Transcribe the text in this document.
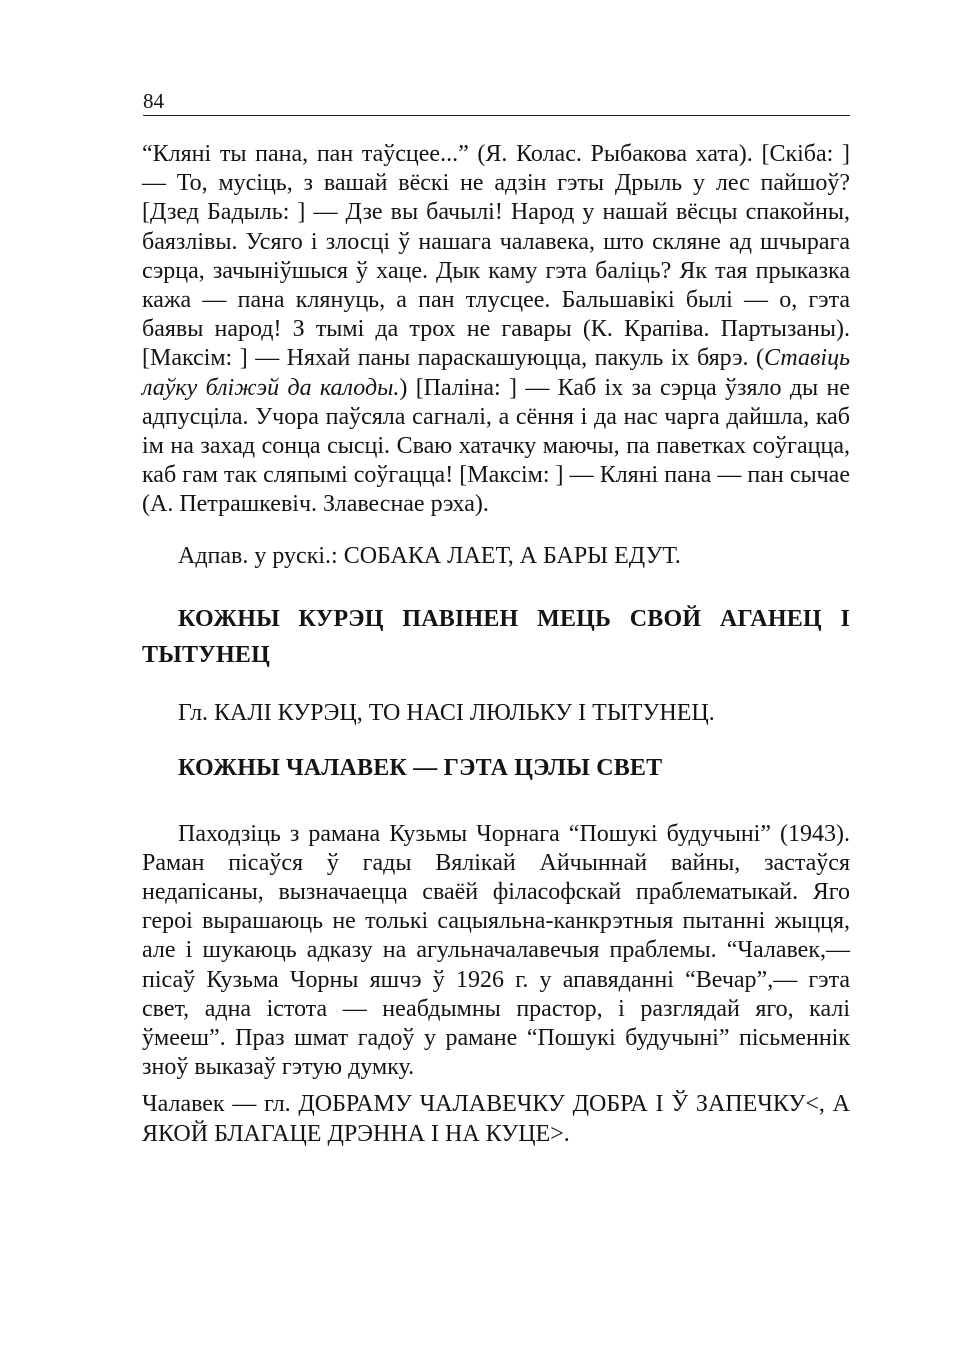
84

“Кляні ты пана, пан таўсцее...” (Я. Колас. Рыбакова хата). [Скіба: ] — То, мусіць, з вашай вёскі не адзін гэты Дрыль у лес пайшоў? [Дзед Бадыль: ] — Дзе вы бачылі! Народ у нашай вёсцы спакойны, баязлівы. Усяго і злосці ў нашага чалавека, што скляне ад шчырага сэрца, зачыніўшыся ў хаце. Дык каму гэта баліць? Як тая прыказка кажа — пана клянуць, а пан тлусцее. Бальшавікі былі — о, гэта баявы народ! З тымі да трох не гавары (К. Крапіва. Партызаны). [Максім: ] — Няхай паны параскашуюцца, пакуль іх бярэ. (Ставіць лаўку бліжэй да калоды.) [Паліна: ] — Каб іх за сэрца ўзяло ды не адпусціла. Учора паўсяла сагналі, а сёння і да нас чарга дайшла, каб ім на захад сонца сысці. Сваю хатачку маючы, па паветках соўгацца, каб гам так сляпымі соўгацца! [Максім: ] — Кляні пана — пан сычае (А. Петрашкевіч. Злавеснае рэха).

Адпав. у рускі.: СОБАКА ЛАЕТ, А БАРЫ ЕДУТ.

КОЖНЫ КУРЭЦ ПАВІНЕН МЕЦЬ СВОЙ АГАНЕЦ І ТЫТУНЕЦ

Гл. КАЛІ КУРЭЦ, ТО НАСІ ЛЮЛЬКУ І ТЫТУНЕЦ.

КОЖНЫ ЧАЛАВЕК — ГЭТА ЦЭЛЫ СВЕТ

Паходзіць з рамана Кузьмы Чорнага “Пошукі будучыні” (1943). Раман пісаўся ў гады Вялікай Айчыннай вайны, застаўся недапісаны, вызначаецца сваёй філасофскай праблематыкай. Яго героі вырашаюць не толькі сацыяльна-канкрэтныя пытанні жыцця, але і шукаюць адказу на агульначалавечыя праблемы. “Чалавек,— пісаў Кузьма Чорны яшчэ ў 1926 г. у апавяданні “Вечар”,— гэта свет, адна істота — неабдымны прастор, і разглядай яго, калі ўмееш”. Праз шмат гадоў у рамане “Пошукі будучыні” пісьменнік зноў выказаў гэтую думку.

Чалавек — гл. ДОБРАМУ ЧАЛАВЕЧКУ ДОБРА І Ў ЗАПЕЧКУ<, А ЯКОЙ БЛАГАЦЕ ДРЭННА І НА КУЦЕ>.
